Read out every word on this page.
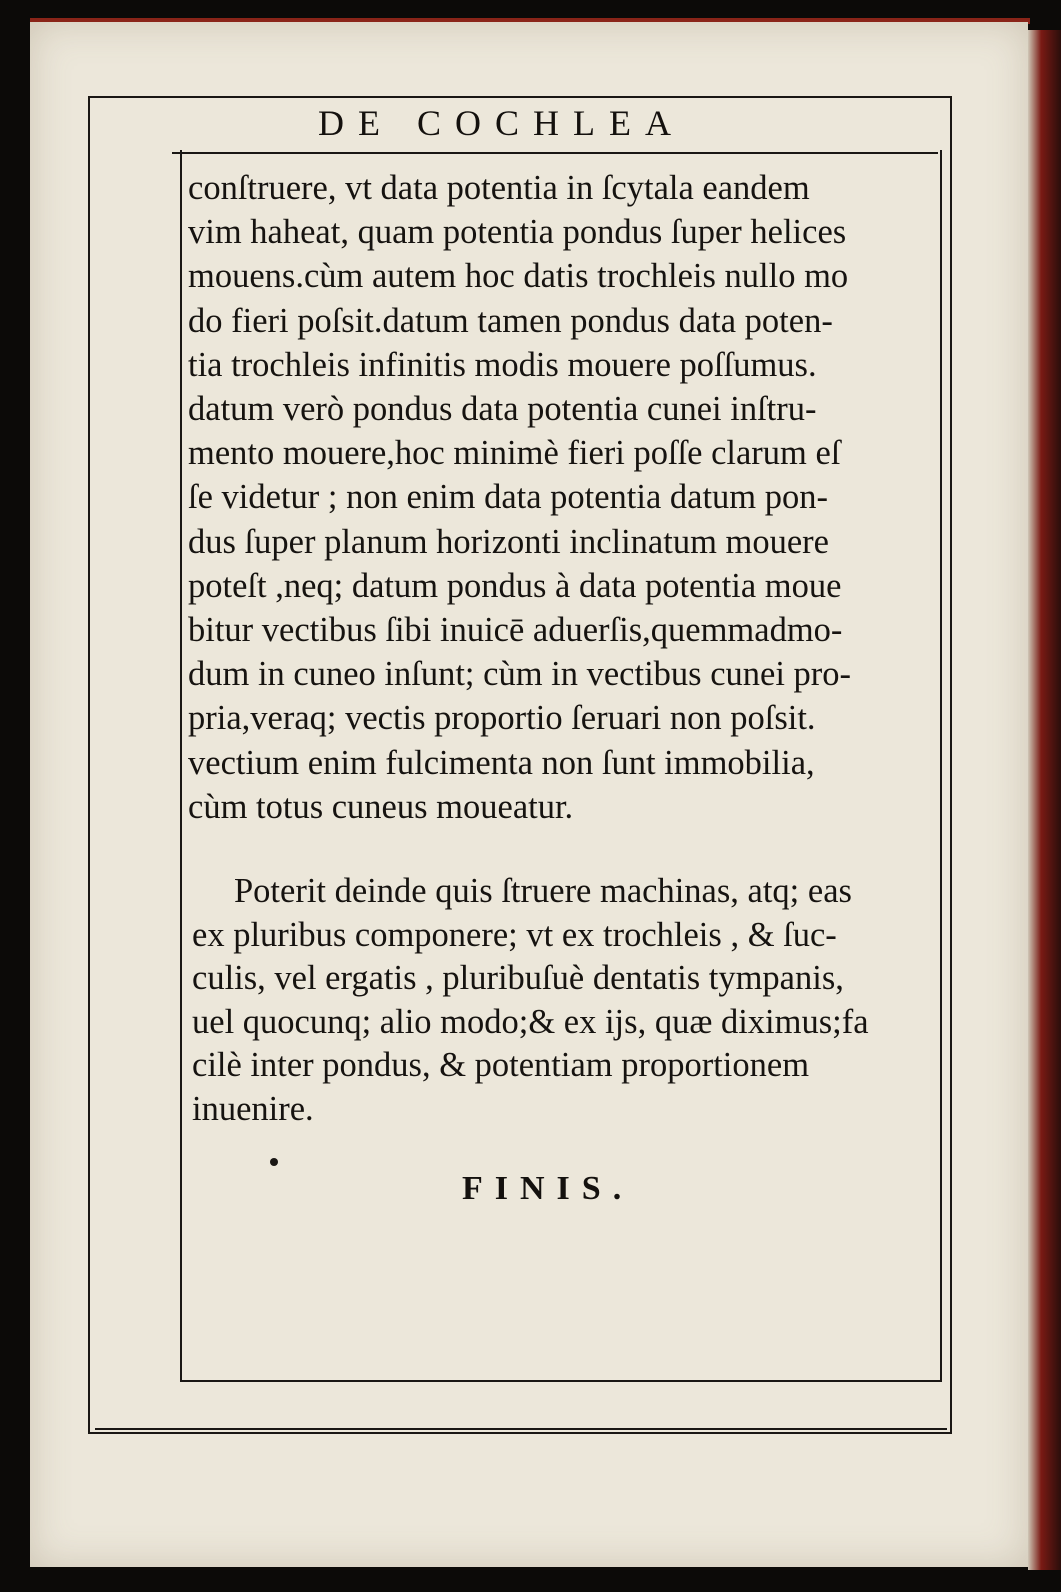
DE COCHLEA
conſtruere, vt data potentia in ſcytala eandem
vim haheat, quam potentia pondus ſuper helices
mouens.cùm autem hoc datis trochleis nullo mo
do fieri poſsit.datum tamen pondus data poten-
tia trochleis infinitis modis mouere poſſumus.
datum verò pondus data potentia cunei inſtru-
mento mouere,hoc minimè fieri poſſe clarum eſ
ſe videtur ; non enim data potentia datum pon-
dus ſuper planum horizonti inclinatum mouere
poteſt ,neq; datum pondus à data potentia moue
bitur vectibus ſibi inuicē aduerſis,quemmadmo-
dum in cuneo inſunt; cùm in vectibus cunei pro-
pria,veraq; vectis proportio ſeruari non poſsit.
vectium enim fulcimenta non ſunt immobilia,
cùm totus cuneus moueatur.
Poterit deinde quis ſtruere machinas, atq; eas
ex pluribus componere; vt ex trochleis , & ſuc-
culis, vel ergatis , pluribuſuè dentatis tympanis,
uel quocunq; alio modo;& ex ijs, quæ diximus;fa
cilè inter pondus, & potentiam proportionem
inuenire.
FINIS.
